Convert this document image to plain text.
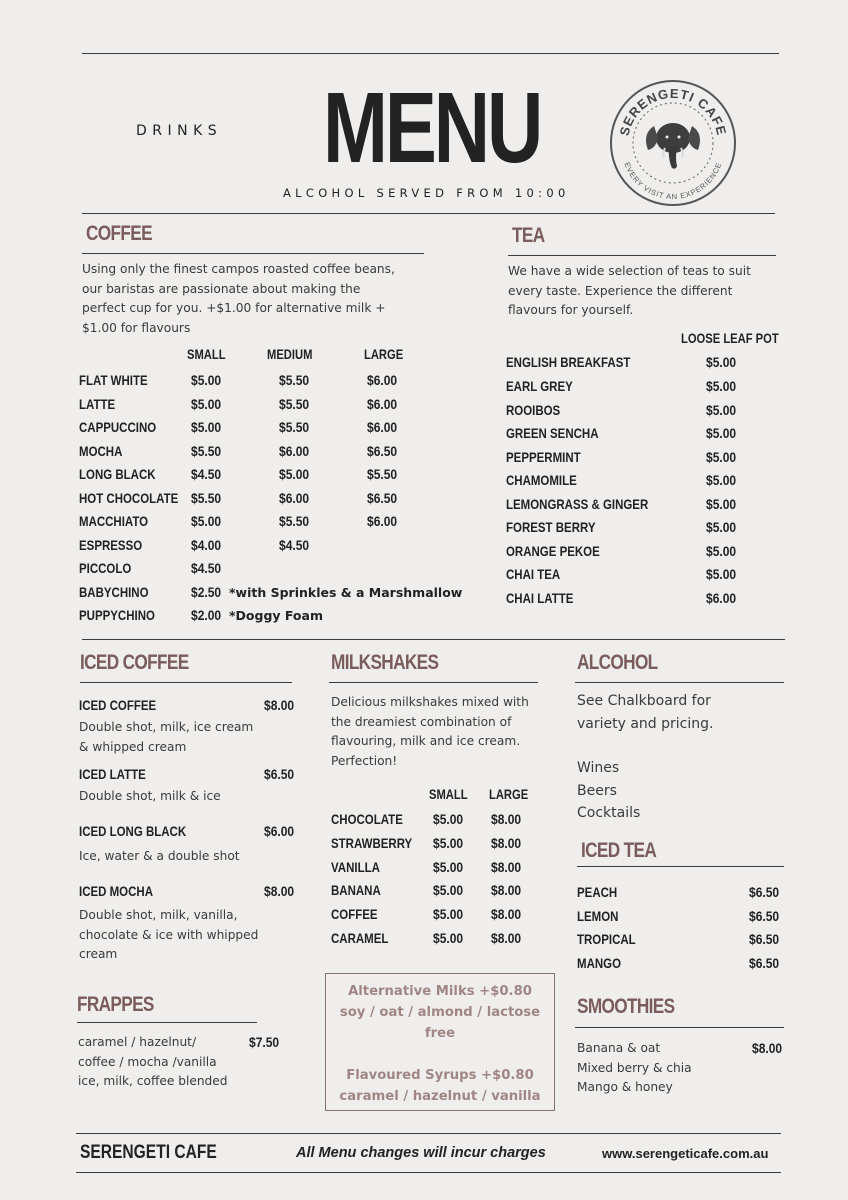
DRINKS MENU
ALCOHOL SERVED FROM 10:00
SERENGETI CAFE
EVERY VISIT AN EXPERIENCE
COFFEE
Using only the finest campos roasted coffee beans,
our baristas are passionate about making the
perfect cup for you. +$1.00 for alternative milk +
$1.00 for flavours
SMALL	MEDIUM	LARGE
FLAT WHITE	$5.00	$5.50	$6.00
LATTE	$5.00	$5.50	$6.00
CAPPUCCINO $5.00	$5.50	$6.00
MOCHA	$5.50	$6.00	$6.50
LONG BLACK	$4.50	$5.00	$5.50
HOT CHOCOLATE $5.50	$6.00	$6.50
MACCHIATO	$5.00	$5.50	$6.00
ESPRESSO	$4.00	$4.50
PICCOLO	$4.50
BABYCHINO	$2.50 *with Sprinkles & a Marshmallow
PUPPYCHINO	$2.00 *Doggy Foam
TEA
We have a wide selection of teas to suit
every taste. Experience the different
flavours for yourself.
LOOSE LEAF POT
ENGLISH BREAKFAST	$5.00
EARL GREY	$5.00
ROOIBOS	$5.00
GREEN SENCHA	$5.00
PEPPERMINT	$5.00
CHAMOMILE	$5.00
LEMONGRASS & GINGER	$5.00
FOREST BERRY	$5.00
ORANGE PEKOE	$5.00
CHAI TEA	$5.00
CHAI LATTE	$6.00
ICED COFFEE
ICED COFFEE	$8.00
Double shot, milk, ice cream
& whipped cream
ICED LATTE	$6.50
Double shot, milk & ice
ICED LONG BLACK	$6.00
Ice, water & a double shot
ICED MOCHA	$8.00
Double shot, milk, vanilla,
chocolate & ice with whipped
cream
FRAPPES
caramel / hazelnut/
coffee / mocha /vanilla
ice, milk, coffee blended
$7.50
MILKSHAKES
Delicious milkshakes mixed with
the dreamiest combination of
flavouring, milk and ice cream.
Perfection!
SMALL LARGE
CHOCOLATE $5.00 $8.00
STRAWBERRY $5.00 $8.00
VANILLA	$5.00 $8.00
BANANA	$5.00 $8.00
COFFEE	$5.00 $8.00
CARAMEL	$5.00 $8.00
Alternative Milks +$0.80
soy / oat / almond / lactose
free
Flavoured Syrups +$0.80
caramel / hazelnut / vanilla
ALCOHOL
See Chalkboard for
variety and pricing.
Wines
Beers
Cocktails
ICED TEA
PEACH	$6.50
LEMON	$6.50
TROPICAL	$6.50
MANGO	$6.50
SMOOTHIES
Banana & oat
Mixed berry & chia
Mango & honey
$8.00
SERENGETI CAFE	All Menu changes will incur charges	www.serengeticafe.com.au
